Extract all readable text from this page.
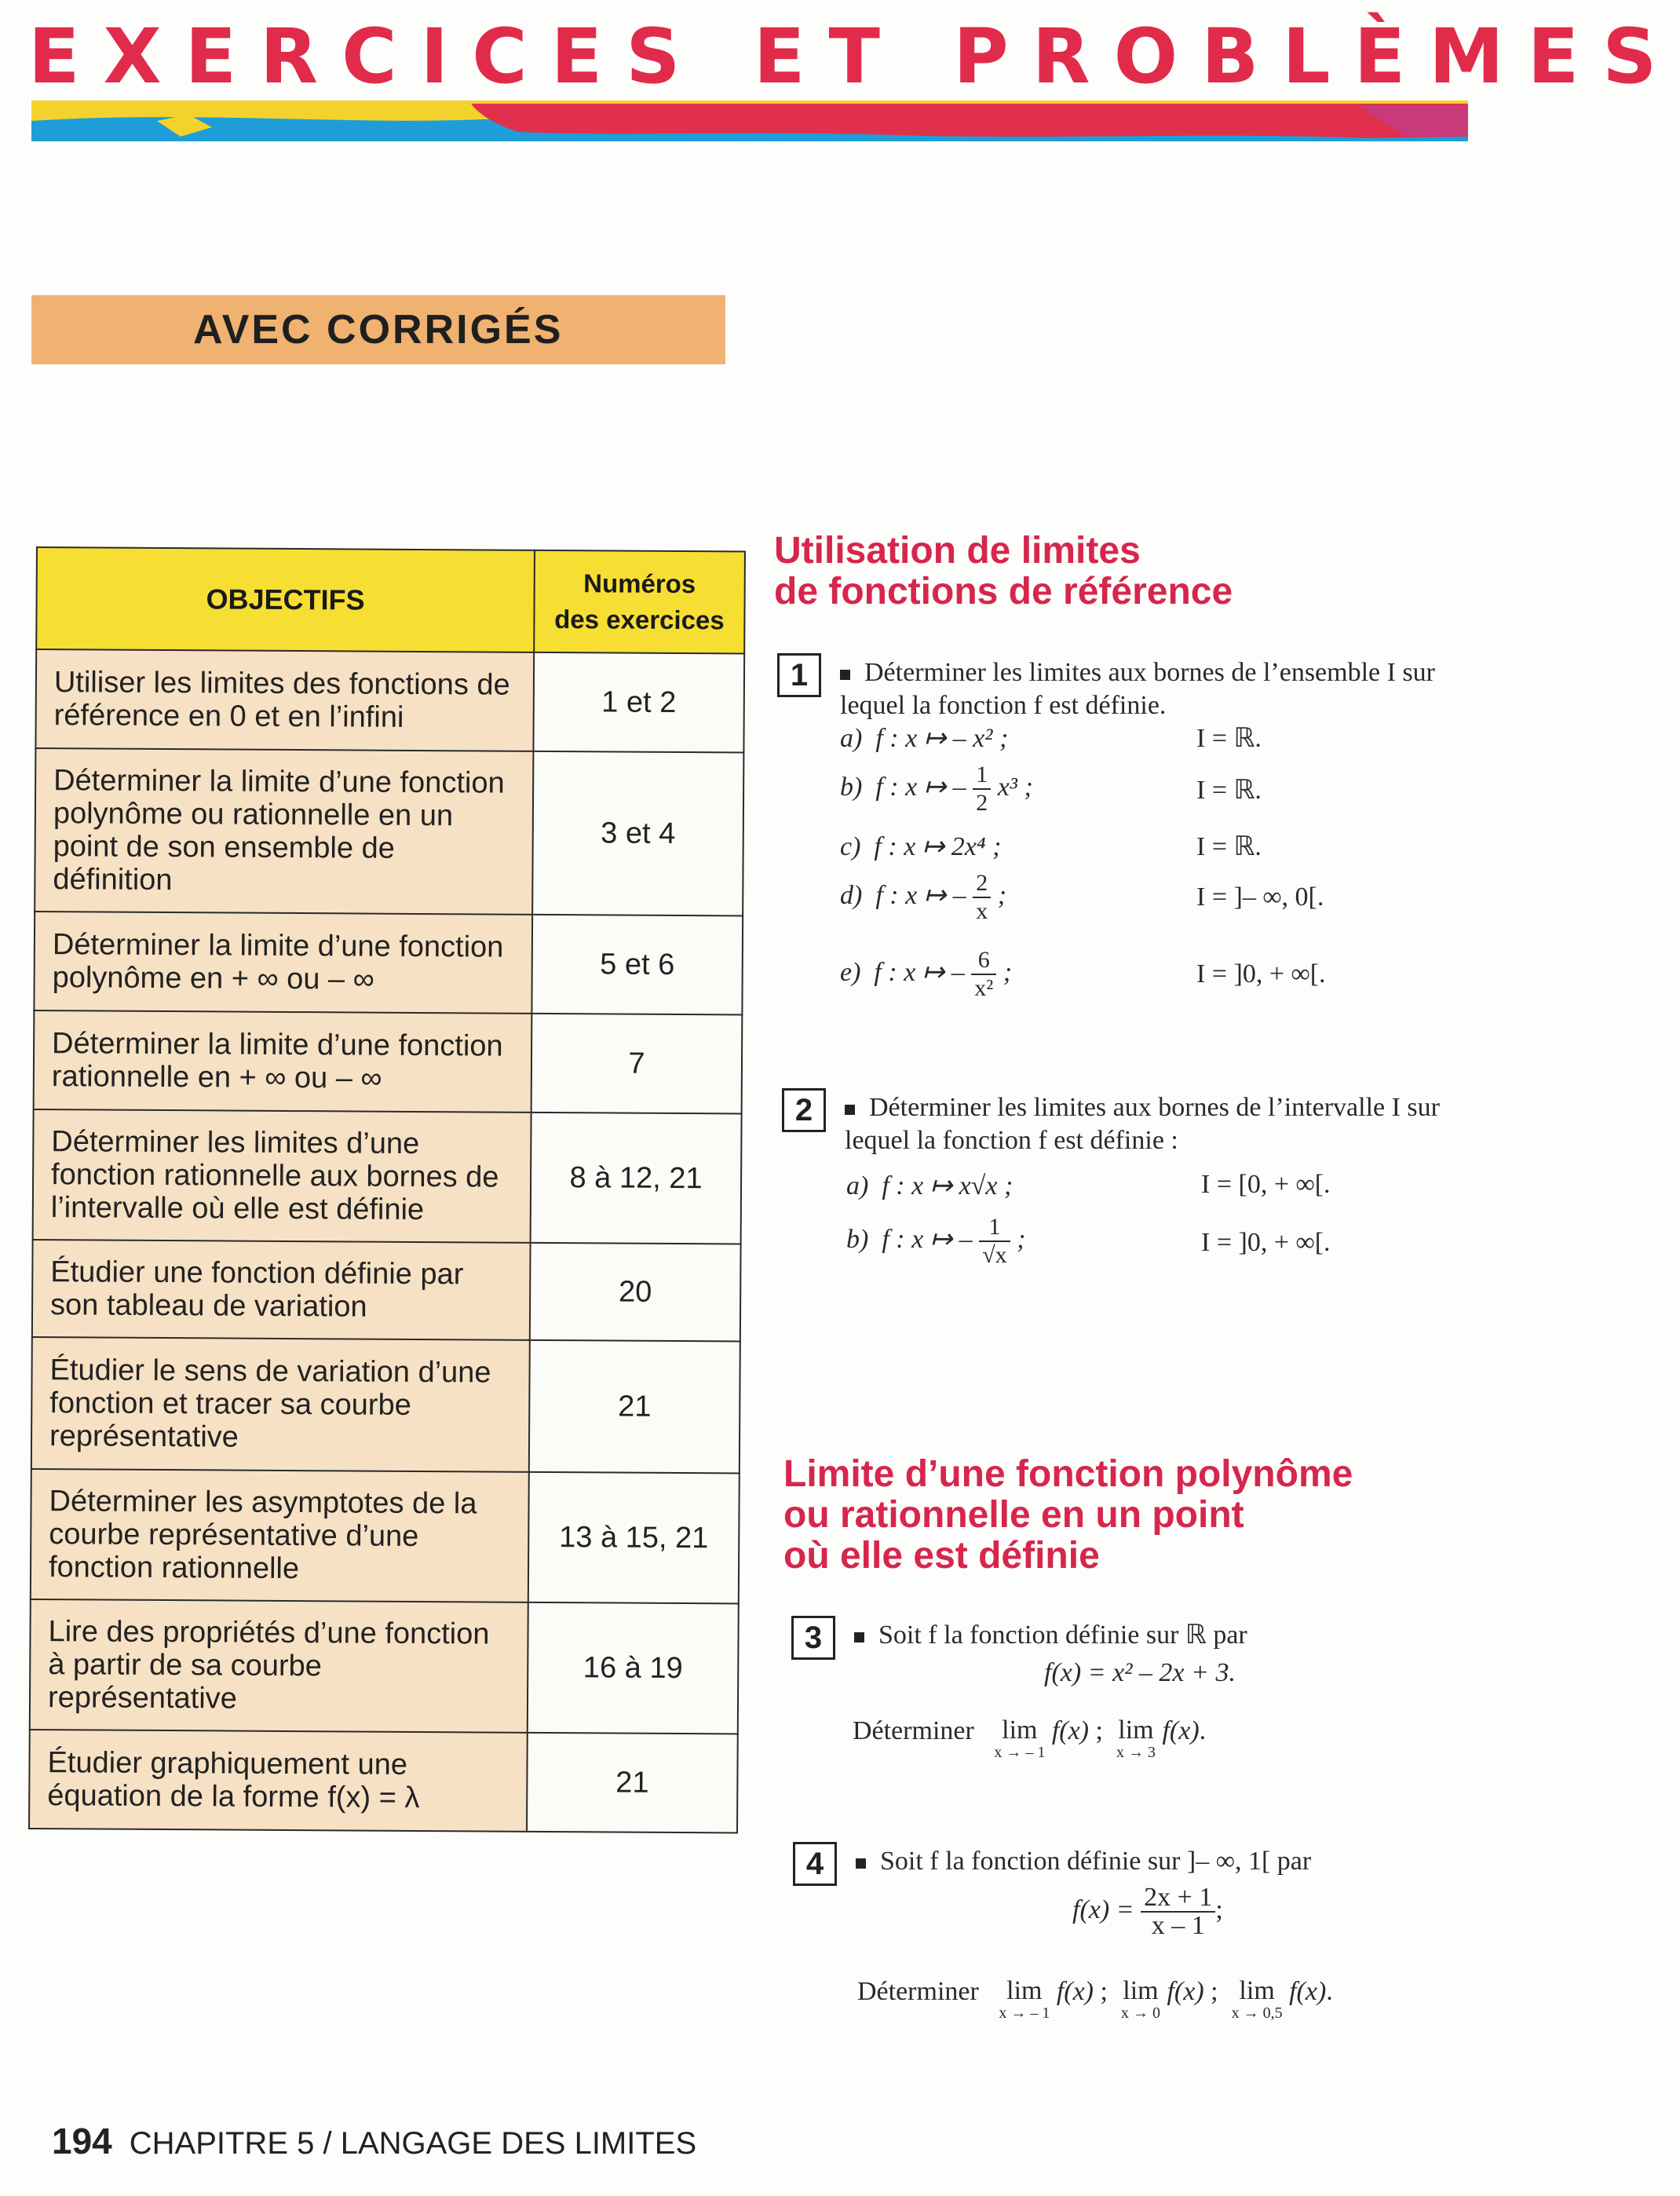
EXERCICES ET PROBLÈMES
AVEC CORRIGÉS
OBJECTIFS	Numéros
des exercices
Utiliser les limites des fonctions de référence en 0 et en l’infini	1 et 2
Déterminer la limite d’une fonction polynôme ou rationnelle en un point de son ensemble de définition	3 et 4
Déterminer la limite d’une fonction polynôme en + ∞ ou – ∞	5 et 6
Déterminer la limite d’une fonction rationnelle en + ∞ ou – ∞	7
Déterminer les limites d’une fonction rationnelle aux bornes de l’intervalle où elle est définie	8 à 12, 21
Étudier une fonction définie par son tableau de variation	20
Étudier le sens de variation d’une fonction et tracer sa courbe représentative	21
Déterminer les asymptotes de la courbe représentative d’une fonction rationnelle	13 à 15, 21
Lire des propriétés d’une fonction à partir de sa courbe représentative	16 à 19
Étudier graphiquement une équation de la forme f(x) = λ	21
Utilisation de limites
de fonctions de référence
1	Déterminer les limites aux bornes de l’ensemble I sur lequel la fonction f est définie.
a) f : x ↦ – x² ;	I = ℝ.
b) f : x ↦ – $\frac{1}{2} x^3$ ;	I = ℝ.
c) f : x ↦ 2x⁴ ;	I = ℝ.
d) f : x ↦ – $\frac{2}{x}$ ;	I = ]– ∞, 0[.
e) f : x ↦ – $\frac{6}{\text{x²}}$ ;	I = ]0, + ∞[.
2	Déterminer les limites aux bornes de l’intervalle I sur lequel la fonction f est définie :
a) f : x ↦ x√x ;	I = [0, + ∞[.
b) f : x ↦ – $\frac{1}{√x}$ ;	I = ]0, + ∞[.
Limite d’une fonction polynôme
ou rationnelle en un point
où elle est définie
3	Soit f la fonction définie sur ℝ par
f(x) = x² – 2x + 3.
Déterminer lim
x → – 1
f(x) ;  lim
x → 3
f(x).
4	Soit f la fonction définie sur ]– ∞, 1[ par
$f(x) = \frac{2x + 1}{x - 1}$ ;
Déterminer lim
x → – 1
f(x) ;  lim
x → 0
f(x) ;  lim
x → 0,5
f(x).
194 CHAPITRE 5 / LANGAGE DES LIMITES
